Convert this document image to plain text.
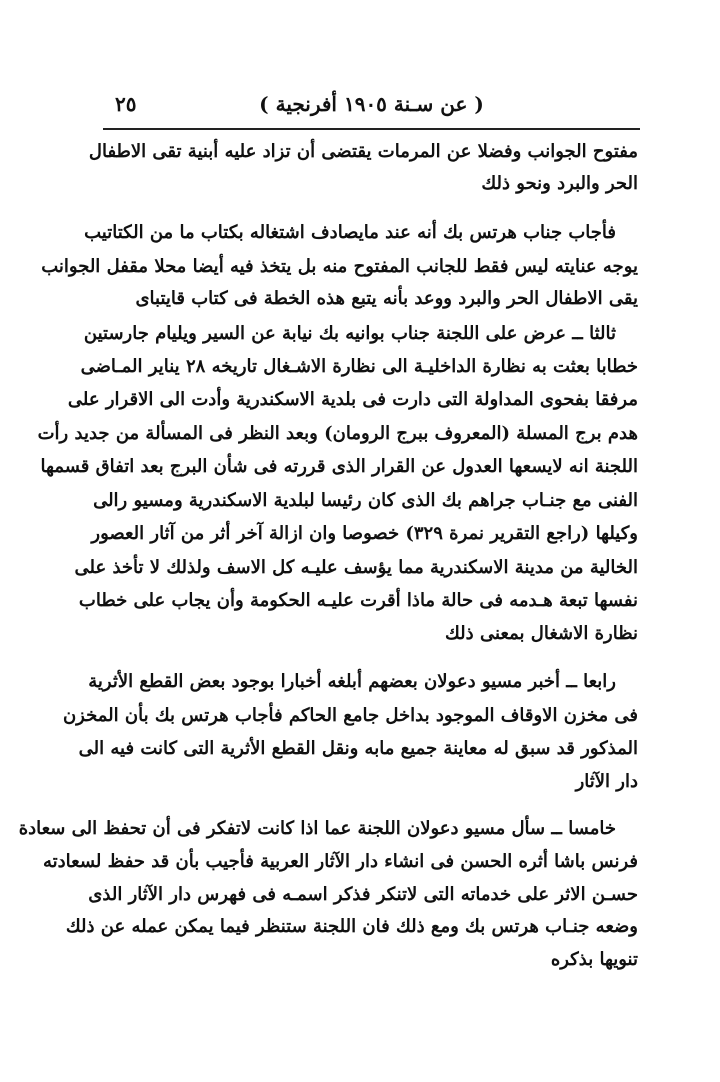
( عن سـنة ١٩٠٥ أفرنجية )
٢٥
مفتوح الجوانب وفضلا عن المرمات يقتضى أن تزاد عليه أبنية تقى الاطفال
الحر والبرد ونحو ذلك
فأجاب جناب هرتس بك أنه عند مايصادف اشتغاله بكتاب ما من الكتاتيب
يوجه عنايته ليس فقط للجانب المفتوح منه بل يتخذ فيه أيضا محلا مقفل الجوانب
يقى الاطفال الحر والبرد ووعد بأنه يتبع هذه الخطة فى كتاب قايتباى
ثالثا ــ عرض على اللجنة جناب بوانيه بك نيابة عن السير ويليام جارستين
خطابا بعثت به نظارة الداخليـة الى نظارة الاشـغال تاريخه ٢٨ يناير المـاضى
مرفقا بفحوى المداولة التى دارت فى بلدية الاسكندرية وأدت الى الاقرار على
هدم برج المسلة (المعروف ببرج الرومان) وبعد النظر فى المسألة من جديد رأت
اللجنة انه لايسعها العدول عن القرار الذى قررته فى شأن البرج بعد اتفاق قسمها
الفنى مع جنـاب جراهم بك الذى كان رئيسا لبلدية الاسكندرية ومسيو رالى
وكيلها (راجع التقرير نمرة ٣٢٩) خصوصا وان ازالة آخر أثر من آثار العصور
الخالية من مدينة الاسكندرية مما يؤسف عليـه كل الاسف ولذلك لا تأخذ على
نفسها تبعة هـدمه فى حالة ماذا أقرت عليـه الحكومة وأن يجاب على خطاب
نظارة الاشغال بمعنى ذلك
رابعا ــ أخبر مسيو دعولان بعضهم أبلغه أخبارا بوجود بعض القطع الأثرية
فى مخزن الاوقاف الموجود بداخل جامع الحاكم فأجاب هرتس بك بأن المخزن
المذكور قد سبق له معاينة جميع مابه ونقل القطع الأثرية التى كانت فيه الى
دار الآثار
خامسا ــ سأل مسيو دعولان اللجنة عما اذا كانت لاتفكر فى أن تحفظ الى سعادة
فرنس باشا أثره الحسن فى انشاء دار الآثار العربية فأجيب بأن قد حفظ لسعادته
حسـن الاثر على خدماته التى لاتنكر فذكر اسمـه فى فهرس دار الآثار الذى
وضعه جنـاب هرتس بك ومع ذلك فان اللجنة ستنظر فيما يمكن عمله عن ذلك
تنويها بذكره
